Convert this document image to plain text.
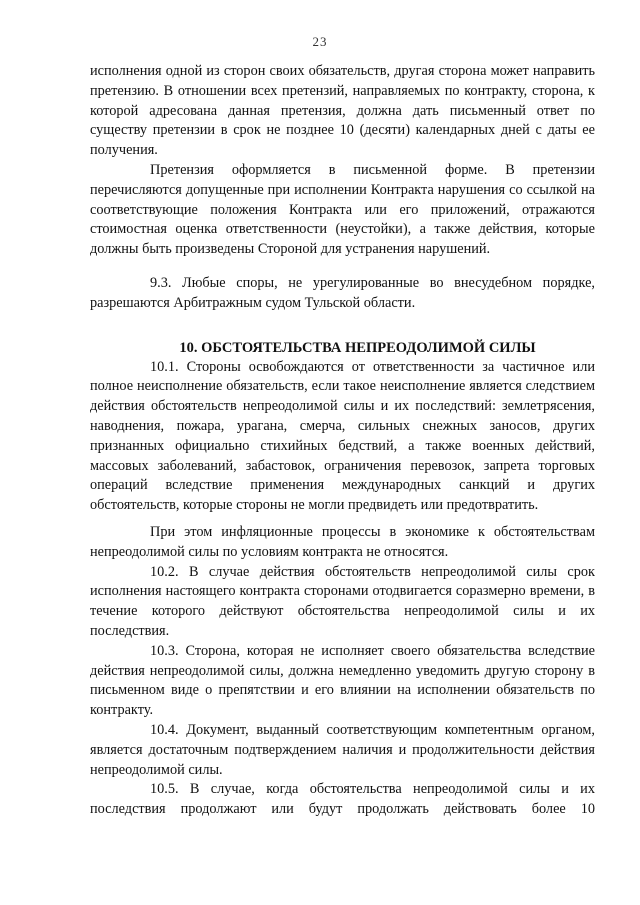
23

исполнения одной из сторон своих обязательств, другая сторона может направить претензию. В отношении всех претензий, направляемых по контракту, сторона, к которой адресована данная претензия, должна дать письменный ответ по существу претензии в срок не позднее 10 (десяти) календарных дней с даты ее получения.

Претензия оформляется в письменной форме. В претензии перечисляются допущенные при исполнении Контракта нарушения со ссылкой на соответствующие положения Контракта или его приложений, отражаются стоимостная оценка ответственности (неустойки), а также действия, которые должны быть произведены Стороной для устранения нарушений.

9.3. Любые споры, не урегулированные во внесудебном порядке, разрешаются Арбитражным судом Тульской области.

10. ОБСТОЯТЕЛЬСТВА НЕПРЕОДОЛИМОЙ СИЛЫ

10.1. Стороны освобождаются от ответственности за частичное или полное неисполнение обязательств, если такое неисполнение является следствием действия обстоятельств непреодолимой силы и их последствий: землетрясения, наводнения, пожара, урагана, смерча, сильных снежных заносов, других признанных официально стихийных бедствий, а также военных действий, массовых заболеваний, забастовок, ограничения перевозок, запрета торговых операций вследствие применения международных санкций и других обстоятельств, которые стороны не могли предвидеть или предотвратить.

При этом инфляционные процессы в экономике к обстоятельствам непреодолимой силы по условиям контракта не относятся.

10.2. В случае действия обстоятельств непреодолимой силы срок исполнения настоящего контракта сторонами отодвигается соразмерно времени, в течение которого действуют обстоятельства непреодолимой силы и их последствия.

10.3. Сторона, которая не исполняет своего обязательства вследствие действия непреодолимой силы, должна немедленно уведомить другую сторону в письменном виде о препятствии и его влиянии на исполнении обязательств по контракту.

10.4. Документ, выданный соответствующим компетентным органом, является достаточным подтверждением наличия и продолжительности действия непреодолимой силы.

10.5. В случае, когда обстоятельства непреодолимой силы и их последствия продолжают или будут продолжать действовать более 10
